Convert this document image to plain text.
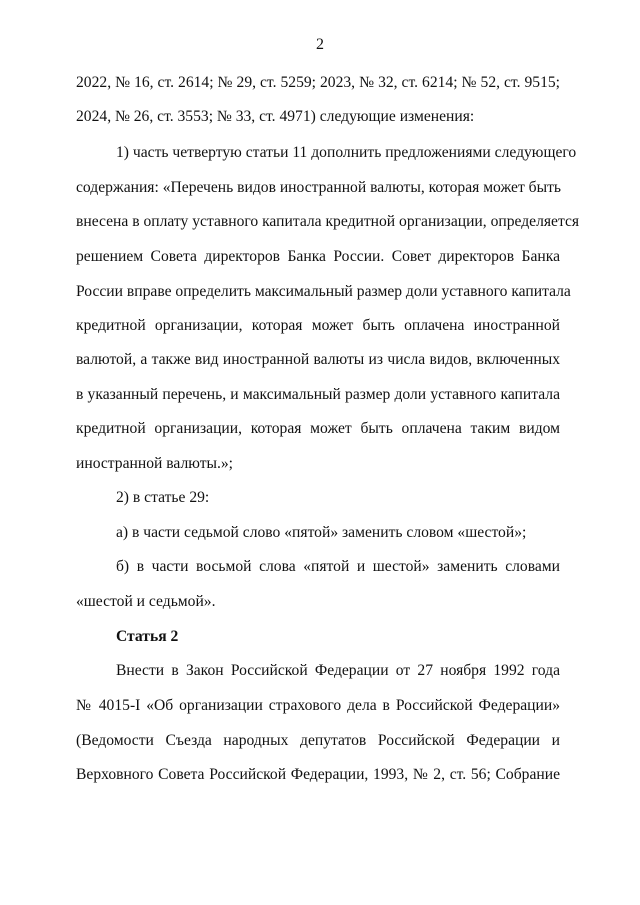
2
2022, № 16, ст. 2614; № 29, ст. 5259; 2023, № 32, ст. 6214; № 52, ст. 9515;
2024, № 26, ст. 3553; № 33, ст. 4971) следующие изменения:
1) часть четвертую статьи 11 дополнить предложениями следующего
содержания: «Перечень видов иностранной валюты, которая может быть
внесена в оплату уставного капитала кредитной организации, определяется
решением Совета директоров Банка России. Совет директоров Банка
России вправе определить максимальный размер доли уставного капитала
кредитной организации, которая может быть оплачена иностранной
валютой, а также вид иностранной валюты из числа видов, включенных
в указанный перечень, и максимальный размер доли уставного капитала
кредитной организации, которая может быть оплачена таким видом
иностранной валюты.»;
2) в статье 29:
а) в части седьмой слово «пятой» заменить словом «шестой»;
б) в части восьмой слова «пятой и шестой» заменить словами
«шестой и седьмой».
Статья 2
Внести в Закон Российской Федерации от 27 ноября 1992 года
№ 4015-I «Об организации страхового дела в Российской Федерации»
(Ведомости Съезда народных депутатов Российской Федерации и
Верховного Совета Российской Федерации, 1993, № 2, ст. 56; Собрание
